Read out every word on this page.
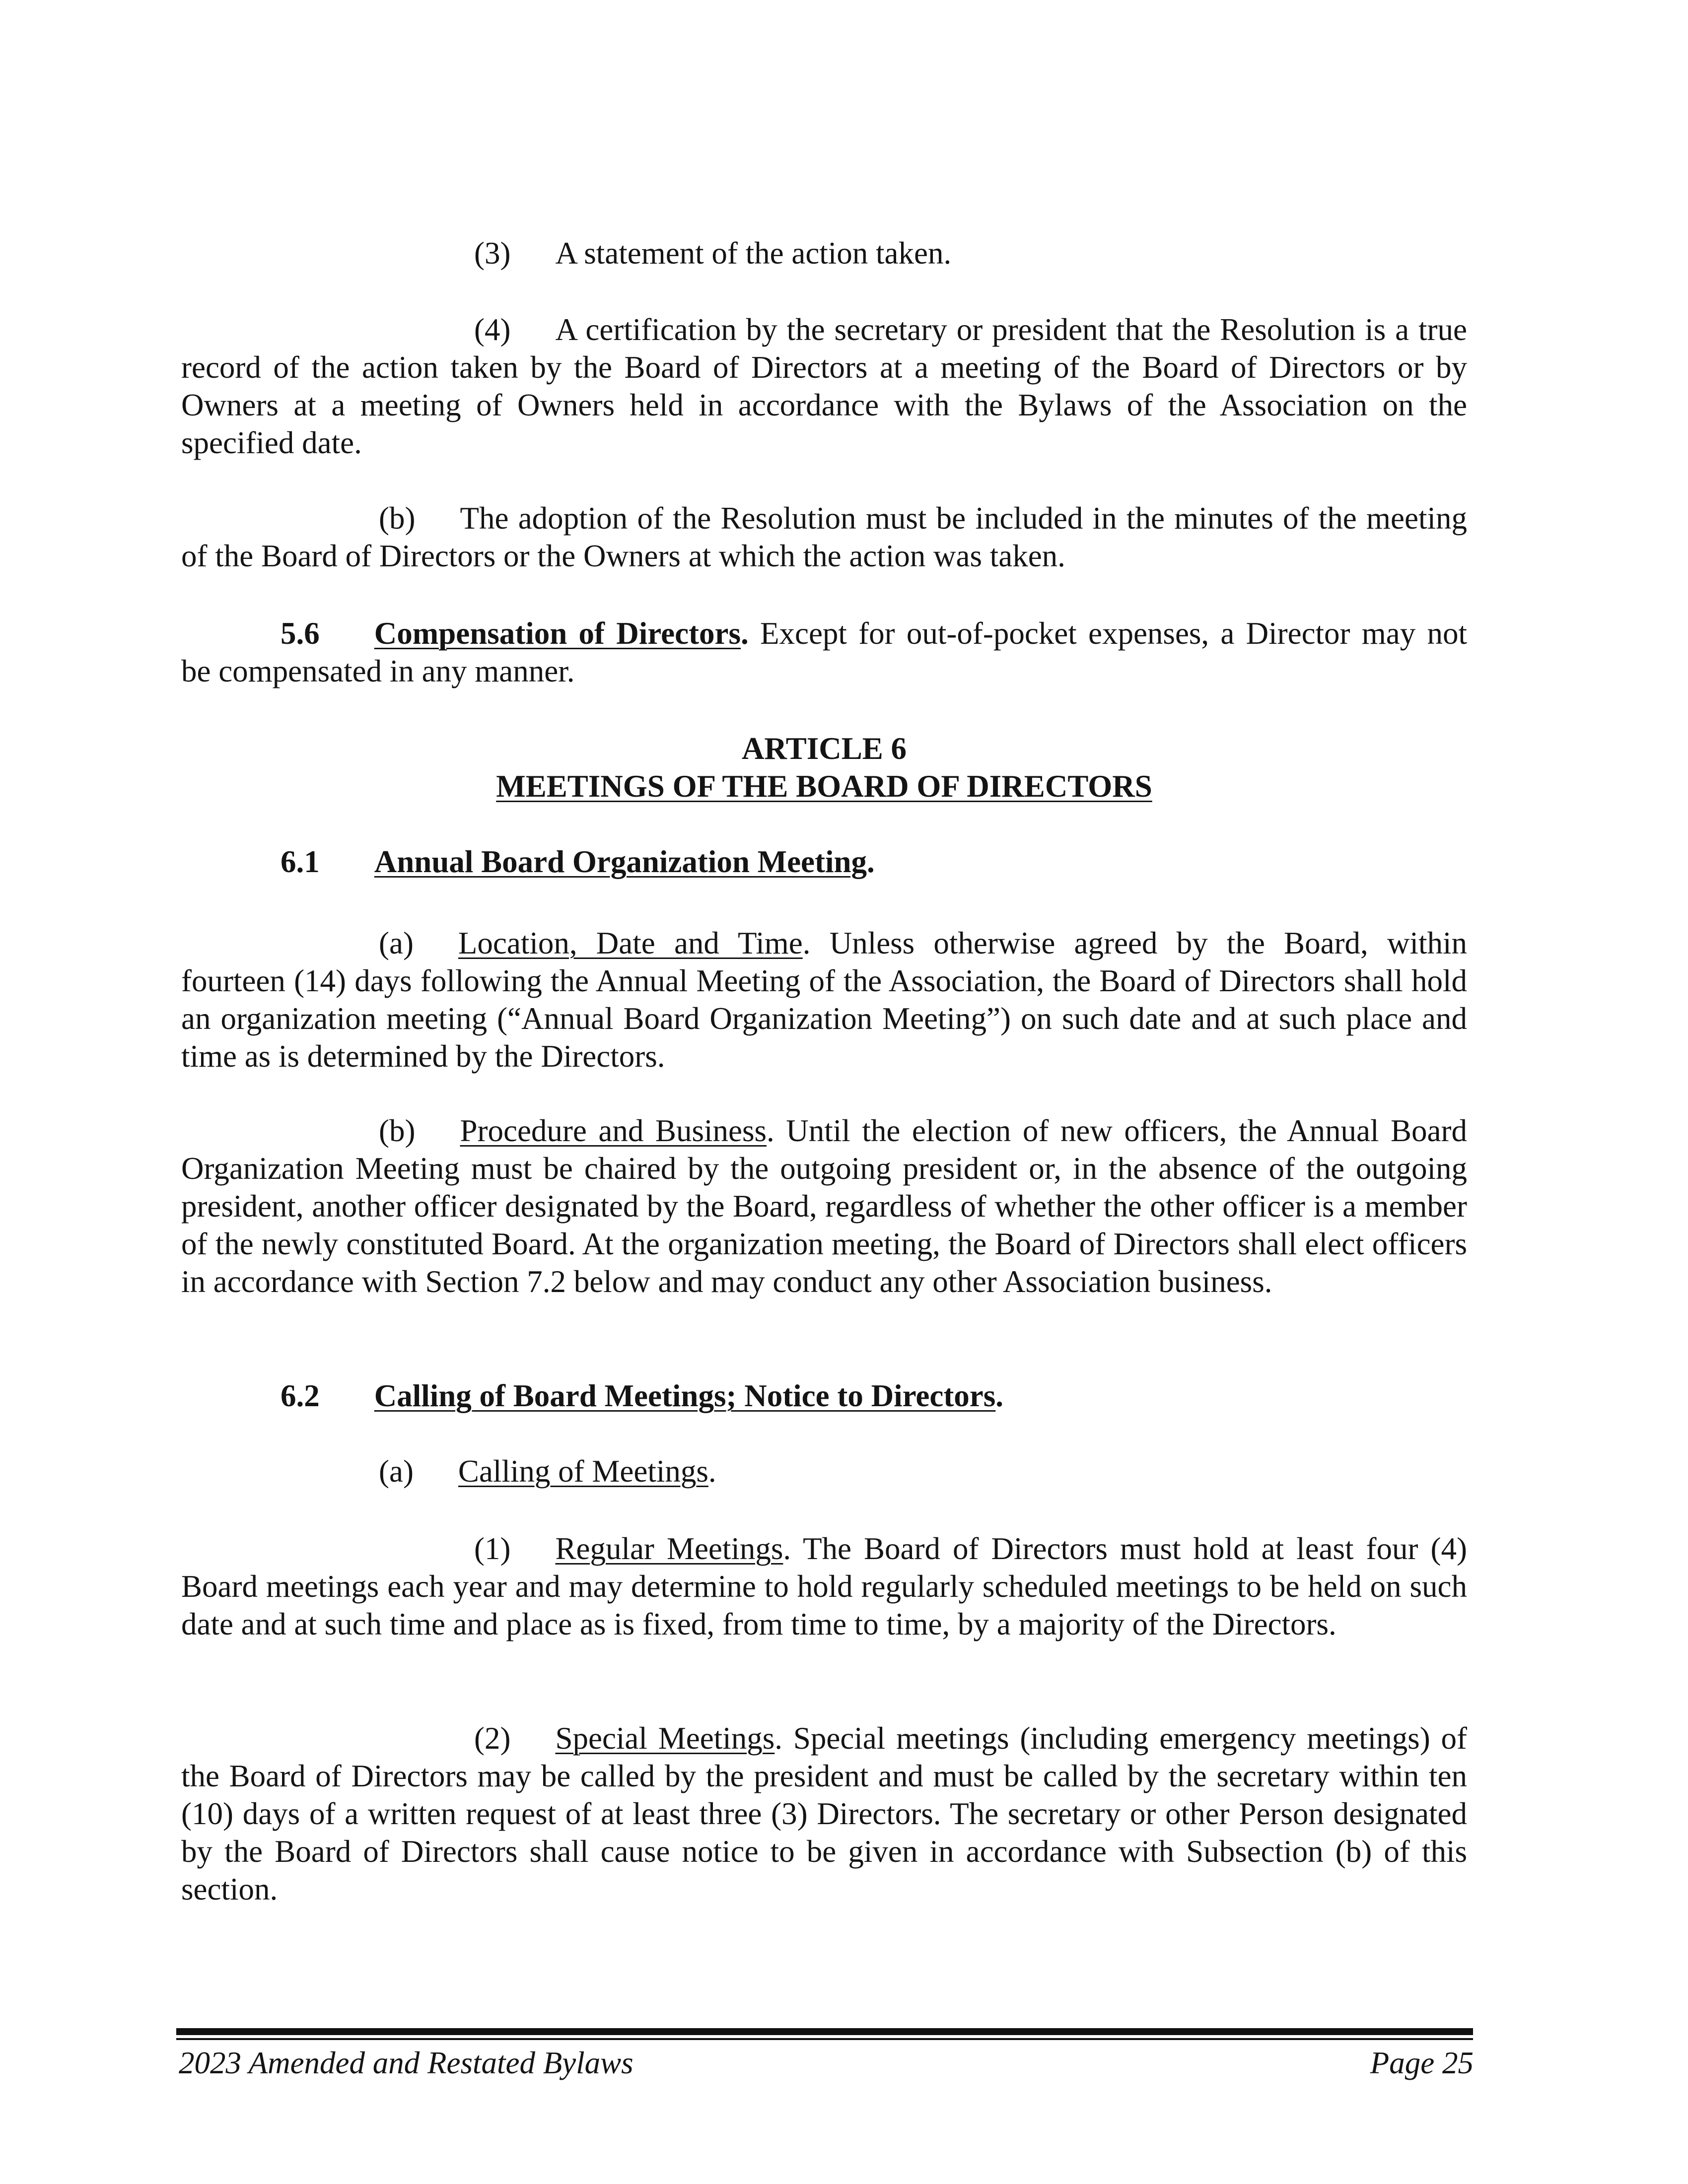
(3) A statement of the action taken.

(4) A certification by the secretary or president that the Resolution is a true record of the action taken by the Board of Directors at a meeting of the Board of Directors or by Owners at a meeting of Owners held in accordance with the Bylaws of the Association on the specified date.

(b) The adoption of the Resolution must be included in the minutes of the meeting of the Board of Directors or the Owners at which the action was taken.

5.6 Compensation of Directors. Except for out-of-pocket expenses, a Director may not be compensated in any manner.

ARTICLE 6

MEETINGS OF THE BOARD OF DIRECTORS

6.1 Annual Board Organization Meeting.

(a) Location, Date and Time. Unless otherwise agreed by the Board, within fourteen (14) days following the Annual Meeting of the Association, the Board of Directors shall hold an organization meeting (“Annual Board Organization Meeting”) on such date and at such place and time as is determined by the Directors.

(b) Procedure and Business. Until the election of new officers, the Annual Board Organization Meeting must be chaired by the outgoing president or, in the absence of the outgoing president, another officer designated by the Board, regardless of whether the other officer is a member of the newly constituted Board. At the organization meeting, the Board of Directors shall elect officers in accordance with Section 7.2 below and may conduct any other Association business.

6.2 Calling of Board Meetings; Notice to Directors.
(a) Calling of Meetings.

(1) Regular Meetings. The Board of Directors must hold at least four (4) Board meetings each year and may determine to hold regularly scheduled meetings to be held on such date and at such time and place as is fixed, from time to time, by a majority of the Directors.

(2) Special Meetings. Special meetings (including emergency meetings) of the Board of Directors may be called by the president and must be called by the secretary within ten (10) days of a written request of at least three (3) Directors. The secretary or other Person designated by the Board of Directors shall cause notice to be given in accordance with Subsection (b) of this section.

2023 Amended and Restated Bylaws	Page 25
